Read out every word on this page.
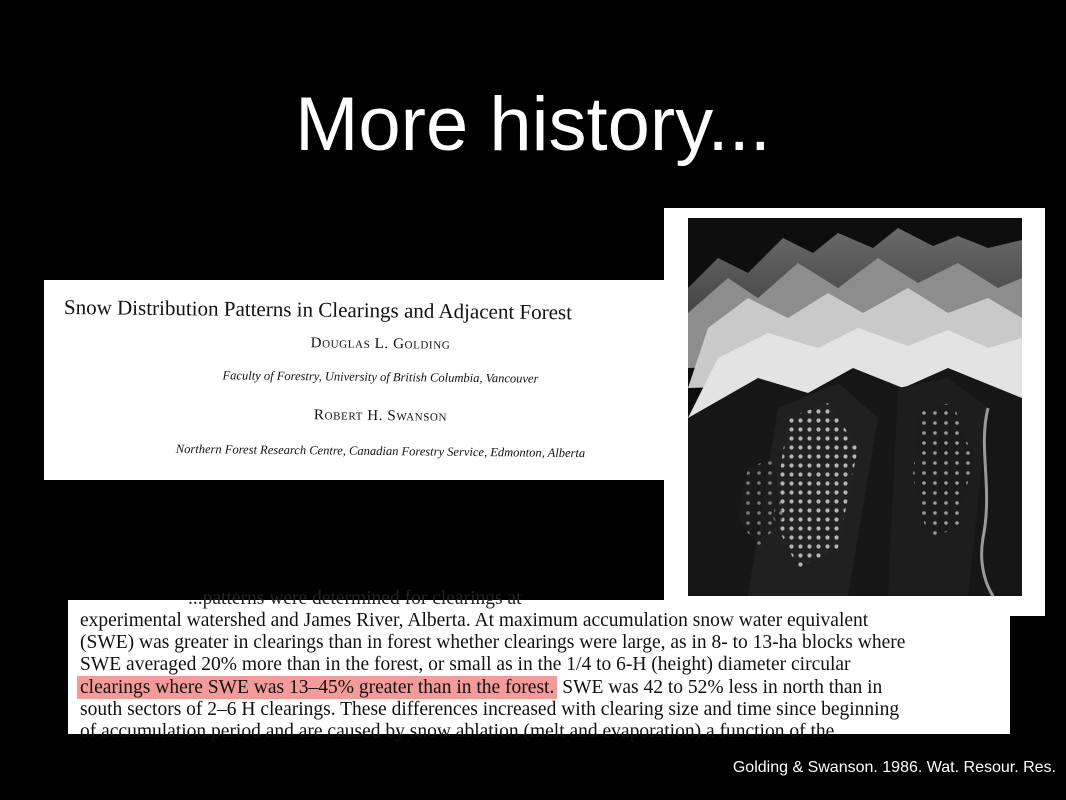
More history...
Snow Distribution Patterns in Clearings and Adjacent Forest
Douglas L. Golding
Faculty of Forestry, University of British Columbia, Vancouver
Robert H. Swanson
Northern Forest Research Centre, Canadian Forestry Service, Edmonton, Alberta
...patterns were determined for clearings at
experimental watershed and James River, Alberta. At maximum accumulation snow water equivalent
(SWE) was greater in clearings than in forest whether clearings were large, as in 8- to 13-ha blocks where
SWE averaged 20% more than in the forest, or small as in the 1/4 to 6-H (height) diameter circular
clearings where SWE was 13–45% greater than in the forest. SWE was 42 to 52% less in north than in
south sectors of 2–6 H clearings. These differences increased with clearing size and time since beginning
of accumulation period and are caused by snow ablation (melt and evaporation) a function of the
Golding & Swanson. 1986. Wat. Resour. Res.
